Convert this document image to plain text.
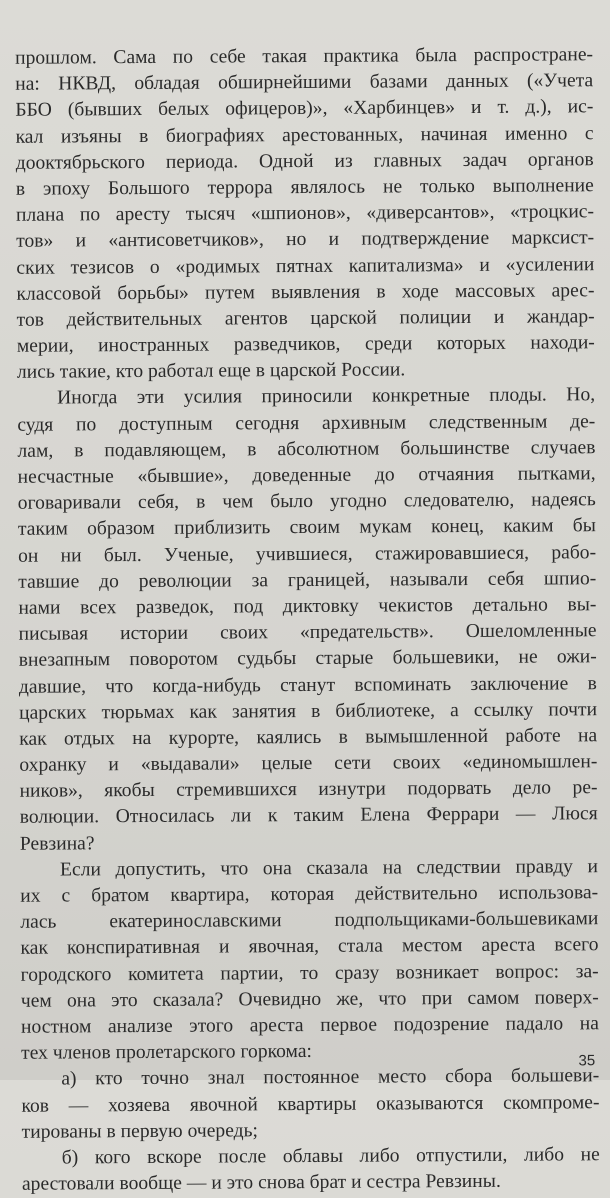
прошлом. Сама по себе такая практика была распростране-
на: НКВД, обладая обширнейшими базами данных («Учета
ББО (бывших белых офицеров)», «Харбинцев» и т. д.), ис-
кал изъяны в биографиях арестованных, начиная именно с
дооктябрьского периода. Одной из главных задач органов
в эпоху Большого террора являлось не только выполнение
плана по аресту тысяч «шпионов», «диверсантов», «троцкис-
тов» и «антисоветчиков», но и подтверждение марксист-
ских тезисов о «родимых пятнах капитализма» и «усилении
классовой борьбы» путем выявления в ходе массовых арес-
тов действительных агентов царской полиции и жандар-
мерии, иностранных разведчиков, среди которых находи-
лись такие, кто работал еще в царской России.
Иногда эти усилия приносили конкретные плоды. Но,
судя по доступным сегодня архивным следственным де-
лам, в подавляющем, в абсолютном большинстве случаев
несчастные «бывшие», доведенные до отчаяния пытками,
оговаривали себя, в чем было угодно следователю, надеясь
таким образом приблизить своим мукам конец, каким бы
он ни был. Ученые, учившиеся, стажировавшиеся, рабо-
тавшие до революции за границей, называли себя шпио-
нами всех разведок, под диктовку чекистов детально вы-
писывая истории своих «предательств». Ошеломленные
внезапным поворотом судьбы старые большевики, не ожи-
давшие, что когда-нибудь станут вспоминать заключение в
царских тюрьмах как занятия в библиотеке, а ссылку почти
как отдых на курорте, каялись в вымышленной работе на
охранку и «выдавали» целые сети своих «единомышлен-
ников», якобы стремившихся изнутри подорвать дело ре-
волюции. Относилась ли к таким Елена Феррари — Люся
Ревзина?
Если допустить, что она сказала на следствии правду и
их с братом квартира, которая действительно использова-
лась екатеринославскими подпольщиками-большевиками
как конспиративная и явочная, стала местом ареста всего
городского комитета партии, то сразу возникает вопрос: за-
чем она это сказала? Очевидно же, что при самом поверх-
ностном анализе этого ареста первое подозрение падало на
тех членов пролетарского горкома:
а) кто точно знал постоянное место сбора большеви-
ков — хозяева явочной квартиры оказываются скомпроме-
тированы в первую очередь;
б) кого вскоре после облавы либо отпустили, либо не
арестовали вообще — и это снова брат и сестра Ревзины.
35
